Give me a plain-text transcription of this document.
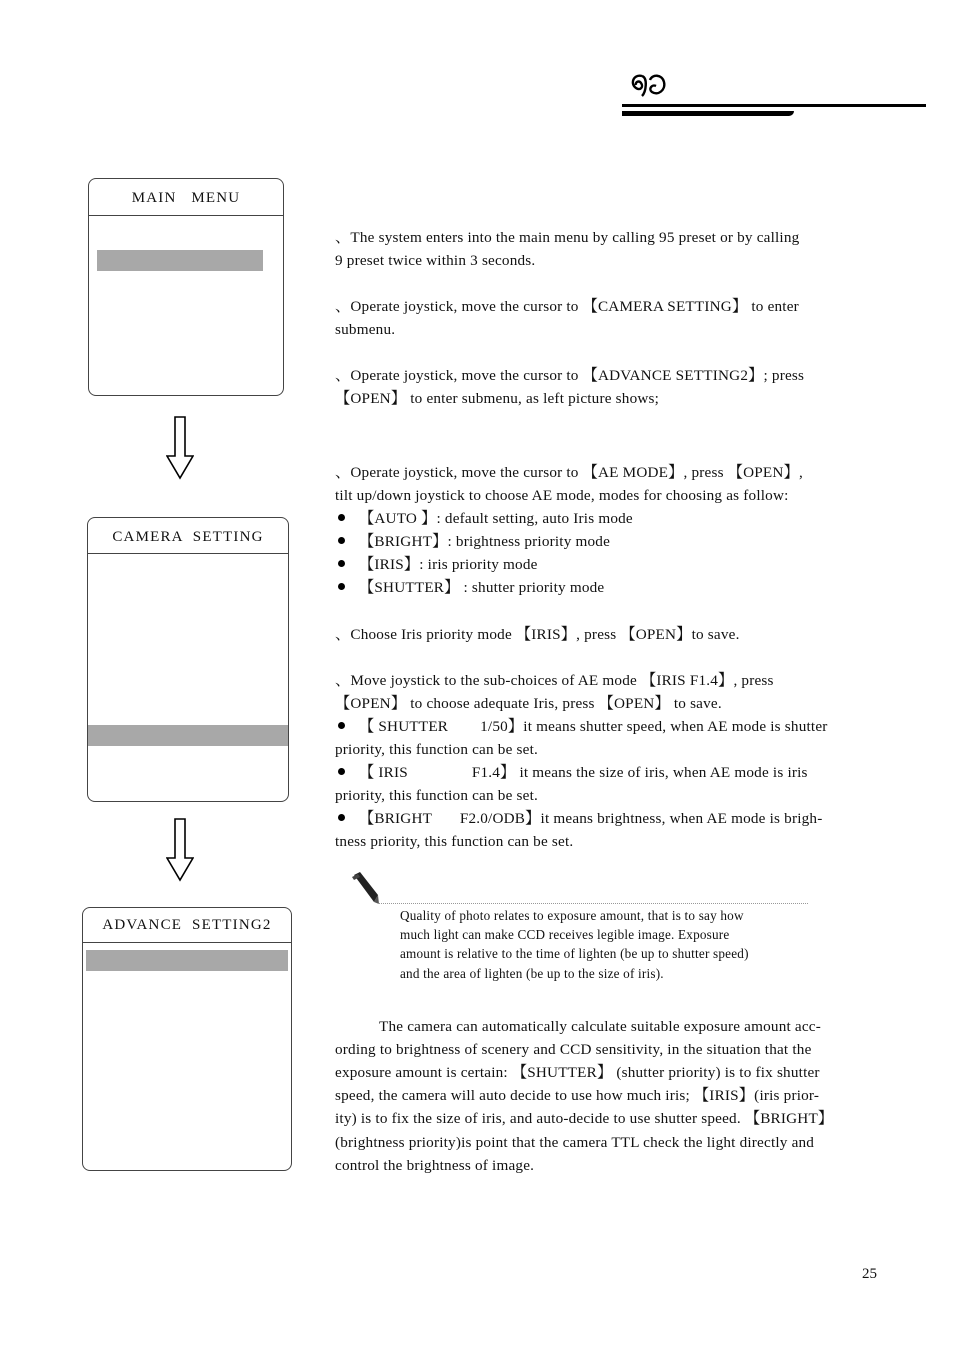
MAIN   MENU
CAMERA  SETTING
ADVANCE  SETTING2
、The system enters into the main menu by calling 95 preset or by calling
9 preset twice within 3 seconds.
、Operate joystick, move the cursor to 【CAMERA SETTING】 to enter
submenu.
、Operate joystick, move the cursor to 【ADVANCE SETTING2】; press
【OPEN】 to enter submenu, as left picture shows;
、Operate joystick, move the cursor to 【AE MODE】, press 【OPEN】,
tilt up/down joystick to choose AE mode, modes for choosing as follow:
【AUTO 】: default setting, auto Iris mode
【BRIGHT】: brightness priority mode
【IRIS】: iris priority mode
【SHUTTER】 : shutter priority mode
、Choose Iris priority mode 【IRIS】, press 【OPEN】to save.
、Move joystick to the sub-choices of AE mode 【IRIS F1.4】, press
【OPEN】 to choose adequate Iris, press 【OPEN】 to save.
【 SHUTTER        1/50】it means shutter speed, when AE mode is shutter
priority, this function can be set.
【 IRIS                F1.4】 it means the size of iris, when AE mode is iris
priority, this function can be set.
【BRIGHT       F2.0/ODB】it means brightness, when AE mode is brigh-
tness priority, this function can be set.
Quality of photo relates to exposure amount, that is to say how
much light can make CCD receives legible image. Exposure
amount is relative to the time of lighten (be up to shutter speed)
and the area of lighten (be up to the size of iris).
The camera can automatically calculate suitable exposure amount acc-
ording to brightness of scenery and CCD sensitivity, in the situation that the
exposure amount is certain: 【SHUTTER】 (shutter priority) is to fix shutter
speed, the camera will auto decide to use how much iris; 【IRIS】(iris prior-
ity) is to fix the size of iris, and auto-decide to use shutter speed. 【BRIGHT】
(brightness priority)is point that the camera TTL check the light directly and
control the brightness of image.
25
